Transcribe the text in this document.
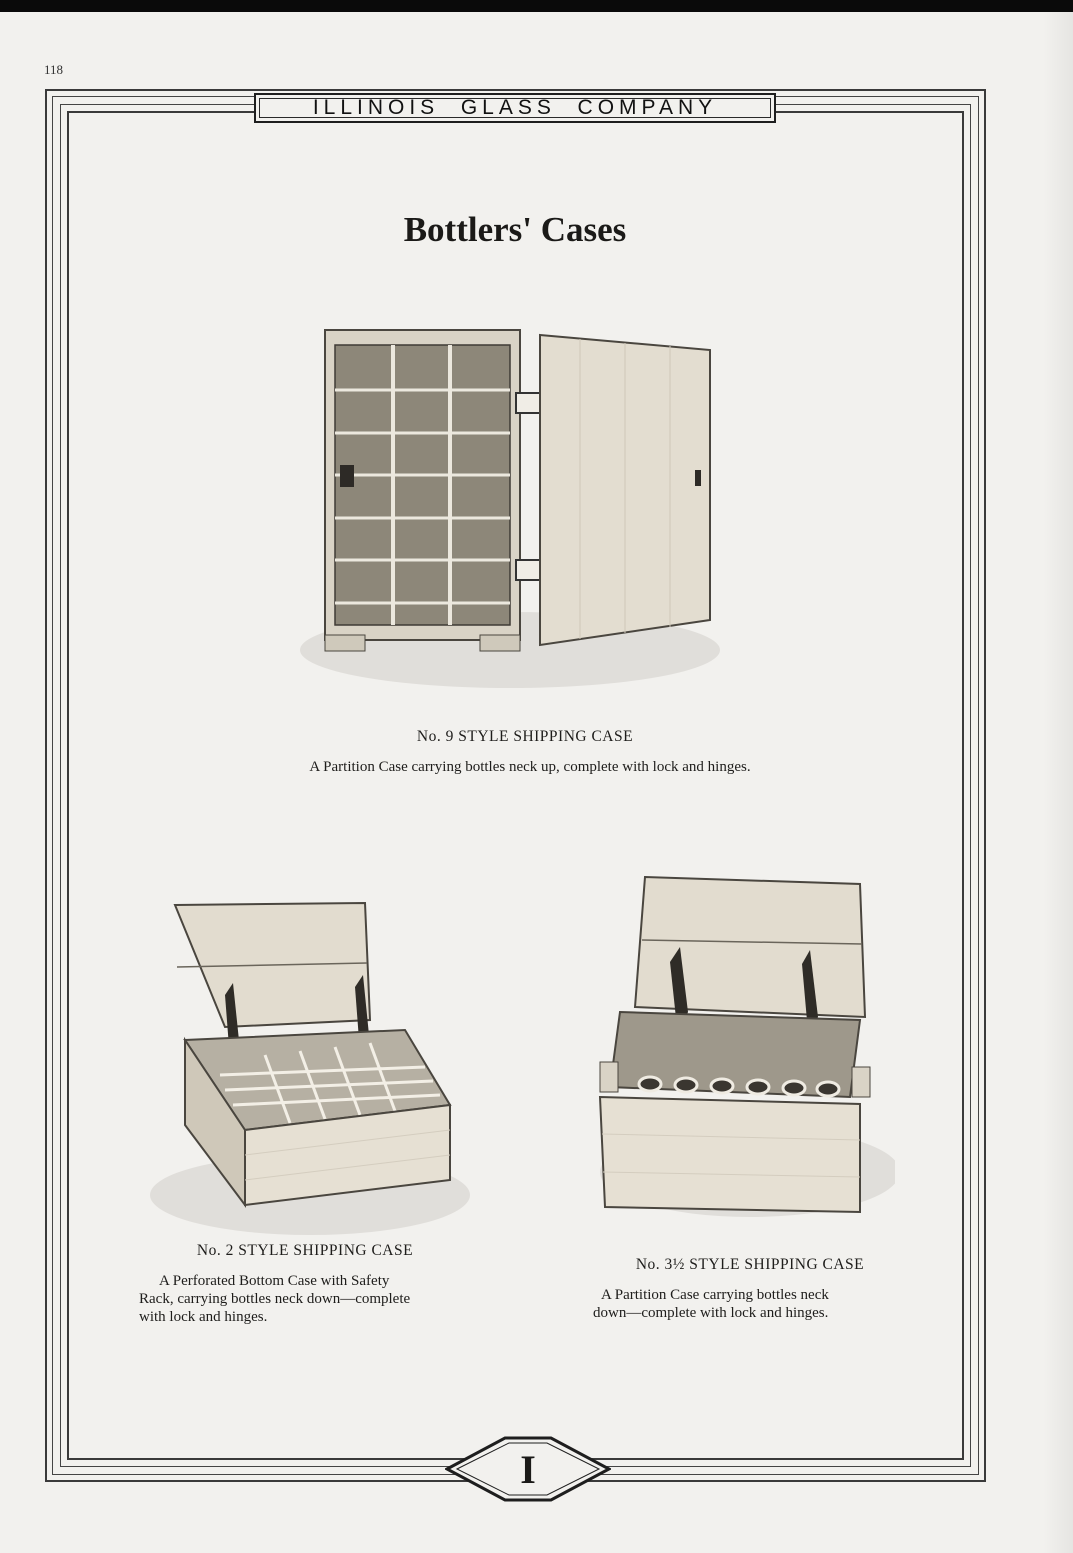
118
ILLINOIS  GLASS  COMPANY
Bottlers' Cases
No. 9 STYLE SHIPPING CASE
A Partition Case carrying bottles neck up, complete with lock and hinges.
No. 2 STYLE SHIPPING CASE
A Perforated Bottom Case with Safety
Rack, carrying bottles neck down—complete
with lock and hinges.
No. 3½ STYLE SHIPPING CASE
A Partition Case carrying bottles neck
down—complete with lock and hinges.
I
